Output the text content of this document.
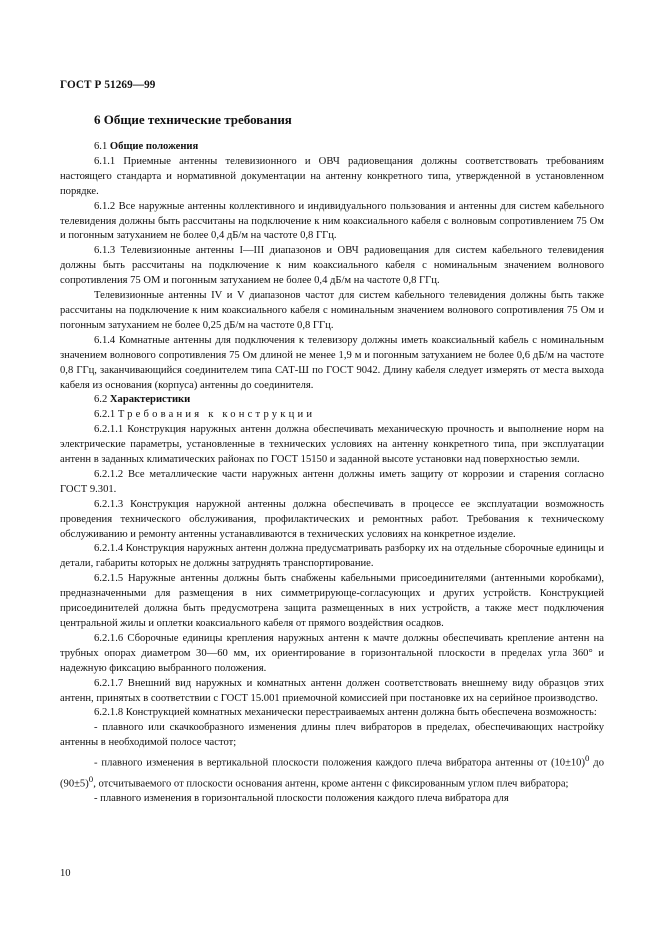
ГОСТ Р 51269—99
6 Общие технические требования

6.1 Общие положения

6.1.1 Приемные антенны телевизионного и ОВЧ радиовещания должны соответствовать требованиям настоящего стандарта и нормативной документации на антенну конкретного типа, утвержденной в установленном порядке.

6.1.2 Все наружные антенны коллективного и индивидуального пользования и антенны для систем кабельного телевидения должны быть рассчитаны на подключение к ним коаксиального кабеля с волновым сопротивлением 75 Ом и погонным затуханием не более 0,4 дБ/м на частоте 0,8 ГГц.

6.1.3 Телевизионные антенны I—III диапазонов и ОВЧ радиовещания для систем кабельного телевидения должны быть рассчитаны на подключение к ним коаксиального кабеля с номинальным значением волнового сопротивления 75 ОМ и погонным затуханием не более 0,4 дБ/м на частоте 0,8 ГГц.

Телевизионные антенны IV и V диапазонов частот для систем кабельного телевидения должны быть также рассчитаны на подключение к ним коаксиального кабеля с номинальным значением волнового сопротивления 75 Ом и погонным затуханием не более 0,25 дБ/м на частоте 0,8 ГГц.

6.1.4 Комнатные антенны для подключения к телевизору должны иметь коаксиальный кабель с номинальным значением волнового сопротивления 75 Ом длиной не менее 1,9 м и погонным затуханием не более 0,6 дБ/м на частоте 0,8 ГГц, заканчивающийся соединителем типа САТ-Ш по ГОСТ 9042. Длину кабеля следует измерять от места выхода кабеля из основания (корпуса) антенны до соединителя.

6.2 Характеристики

6.2.1 Требования к конструкции

6.2.1.1 Конструкция наружных антенн должна обеспечивать механическую прочность и выполнение норм на электрические параметры, установленные в технических условиях на антенну конкретного типа, при эксплуатации антенн в заданных климатических районах по ГОСТ 15150 и заданной высоте установки над поверхностью земли.

6.2.1.2 Все металлические части наружных антенн должны иметь защиту от коррозии и старения согласно ГОСТ 9.301.

6.2.1.3 Конструкция наружной антенны должна обеспечивать в процессе ее эксплуатации возможность проведения технического обслуживания, профилактических и ремонтных работ. Требования к техническому обслуживанию и ремонту антенны устанавливаются в технических условиях на конкретное изделие.

6.2.1.4 Конструкция наружных антенн должна предусматривать разборку их на отдельные сборочные единицы и детали, габариты которых не должны затруднять транспортирование.

6.2.1.5 Наружные антенны должны быть снабжены кабельными присоединителями (антенными коробками), предназначенными для размещения в них симметрирующе-согласующих и других устройств. Конструкцией присоединителей должна быть предусмотрена защита размещенных в них устройств, а также мест подключения центральной жилы и оплетки коаксиального кабеля от прямого воздействия осадков.

6.2.1.6 Сборочные единицы крепления наружных антенн к мачте должны обеспечивать крепление антенн на трубных опорах диаметром 30—60 мм, их ориентирование в горизонтальной плоскости в пределах угла 360° и надежную фиксацию выбранного положения.

6.2.1.7 Внешний вид наружных и комнатных антенн должен соответствовать внешнему виду образцов этих антенн, принятых в соответствии с ГОСТ 15.001 приемочной комиссией при постановке их на серийное производство.

6.2.1.8 Конструкцией комнатных механически перестраиваемых антенн должна быть обеспечена возможность:

- плавного или скачкообразного изменения длины плеч вибраторов в пределах, обеспечивающих настройку антенны в необходимой полосе частот;

- плавного изменения в вертикальной плоскости положения каждого плеча вибратора антенны от $(10\pm 10)^0$ до $(90\pm 5)^0$, отсчитываемого от плоскости основания антенн, кроме антенн с фиксированным углом плеч вибратора;

- плавного изменения в горизонтальной плоскости положения каждого плеча вибратора для

10
